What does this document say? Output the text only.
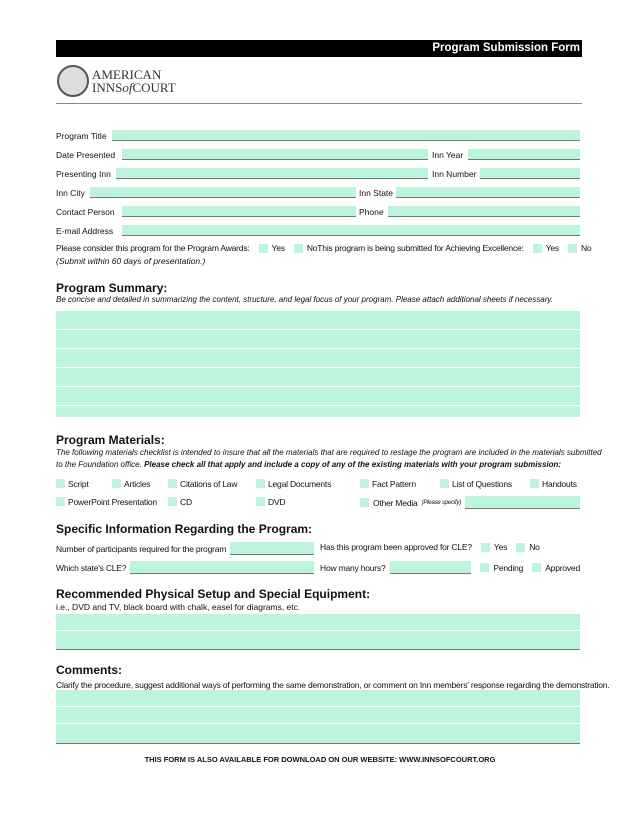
Program Submission Form
AMERICAN
INNSofCOURT
Program Title
Date Presented	Inn Year
Presenting Inn	Inn Number
Inn City	Inn State
Contact Person	Phone
E-mail Address
Please consider this program for the Program Awards:	Yes	No This program is being submitted for Achieving Excellence:	Yes	No
(Submit within 60 days of presentation.)
Program Summary:
Be concise and detailed in summarizing the content, structure, and legal focus of your program. Please attach additional sheets if necessary.
Program Materials:
The following materials checklist is intended to insure that all the materials that are required to restage the program are included in the materials submitted
to the Foundation office. Please check all that apply and include a copy of any of the existing materials with your program submission:
Script	Articles	Citations of Law	Legal Documents	Fact Pattern	List of Questions	Handouts
PowerPoint Presentation	CD	DVD	Other Media (Please specify)
Specific Information Regarding the Program:
Number of participants required for the program	Has this program been approved for CLE?	Yes	No
Which state's CLE?	How many hours?	Pending	Approved
Recommended Physical Setup and Special Equipment:
i.e., DVD and TV, black board with chalk, easel for diagrams, etc.
Comments:
Clarify the procedure, suggest additional ways of performing the same demonstration, or comment on Inn members' response regarding the demonstration.
THIS FORM IS ALSO AVAILABLE FOR DOWNLOAD ON OUR WEBSITE: WWW.INNSOFCOURT.ORG
